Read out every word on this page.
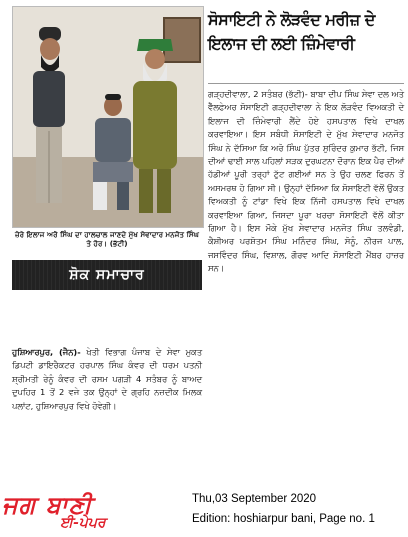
ਜ਼ੇਰੇ ਇਲਾਜ ਅਰੋ ਸਿੰਘ ਦਾ ਹਾਲਚਾਲ ਜਾਣਦੇ ਮੁੱਖ ਸੇਵਾਦਾਰ ਮਨਜੋਤ ਸਿੰਘ ਤੇ ਹੋਰ। (ਭੱਟੀ)
ਸੋਸਾਇਟੀ ਨੇ ਲੋੜਵੰਦ ਮਰੀਜ਼ ਦੇ ਇਲਾਜ ਦੀ ਲਈ ਜ਼ਿੰਮੇਵਾਰੀ

ਗੜ੍ਹਦੀਵਾਲਾ, 2 ਸਤੰਬਰ (ਭੱਟੀ)- ਬਾਬਾ ਦੀਪ ਸਿੰਘ ਸੇਵਾ ਦਲ ਅਤੇ ਵੈੱਲਫੇਅਰ ਸੋਸਾਇਟੀ ਗੜ੍ਹਦੀਵਾਲਾ ਨੇ ਇਕ ਲੋੜਵੰਦ ਵਿਅਕਤੀ ਦੇ ਇਲਾਜ ਦੀ ਜ਼ਿੰਮੇਵਾਰੀ ਲੈਂਦੇ ਹੋਏ ਹਸਪਤਾਲ ਵਿਖੇ ਦਾਖਲ ਕਰਵਾਇਆ। ਇਸ ਸਬੰਧੀ ਸੋਸਾਇਟੀ ਦੇ ਮੁੱਖ ਸੇਵਾਦਾਰ ਮਨਜੋਤ ਸਿੰਘ ਨੇ ਦੱਸਿਆ ਕਿ ਅਰੋ ਸਿੰਘ ਪੁੱਤਰ ਸੁਰਿੰਦਰ ਕੁਮਾਰ ਭੱਟੀ, ਜਿਸ ਦੀਆਂ ਢਾਈ ਸਾਲ ਪਹਿਲਾਂ ਸੜਕ ਦੁਰਘਟਨਾ ਦੌਰਾਨ ਇਕ ਪੈਰ ਦੀਆਂ ਹੱਡੀਆਂ ਪੂਰੀ ਤਰ੍ਹਾਂ ਟੁੱਟ ਗਈਆਂ ਸਨ ਤੇ ਉਹ ਚਲਣ ਫਿਰਨ ਤੋਂ ਅਸਮਰਥ ਹੋ ਗਿਆ ਸੀ। ਉਨ੍ਹਾਂ ਦੱਸਿਆ ਕਿ ਸੋਸਾਇਟੀ ਵੱਲੋਂ ਉਕਤ ਵਿਅਕਤੀ ਨੂੰ ਟਾਂਡਾ ਵਿਖੇ ਇਕ ਨਿੱਜੀ ਹਸਪਤਾਲ ਵਿਖੇ ਦਾਖਲ ਕਰਵਾਇਆ ਗਿਆ, ਜਿਸਦਾ ਪੂਰਾ ਖਰਚਾ ਸੋਸਾਇਟੀ ਵੱਲੋਂ ਕੀਤਾ ਗਿਆ ਹੈ। ਇਸ ਮੌਕੇ ਮੁੱਖ ਸੇਵਾਦਾਰ ਮਨਜੋਤ ਸਿੰਘ ਤਲਵੰਡੀ, ਕੈਸ਼ੀਅਰ ਪਰਸ਼ੋਤਮ ਸਿੰਘ ਮਨਿੰਦਰ ਸਿੰਘ, ਸੋਨੂੰ, ਨੀਰਜ ਪਾਲ, ਜਸਵਿੰਦਰ ਸਿੰਘ, ਵਿਸ਼ਾਲ, ਗੌਰਵ ਆਦਿ ਸੋਸਾਇਟੀ ਮੈਂਬਰ ਹਾਜ਼ਰ ਸਨ।

ਸ਼ੋਕ ਸਮਾਚਾਰ

ਹੁਸ਼ਿਆਰਪੁਰ, (ਜੈਨ)- ਖੇਤੀ ਵਿਭਾਗ ਪੰਜਾਬ ਦੇ ਸੇਵਾ ਮੁਕਤ ਡਿਪਟੀ ਡਾਇਰੈਕਟਰ ਹਰਪਾਲ ਸਿੰਘ ਕੰਵਰ ਦੀ ਧਰਮ ਪਤਨੀ ਸ਼੍ਰੀਮਤੀ ਰੇਨੂੰ ਕੰਵਰ ਦੀ ਰਸਮ ਪਗੜੀ 4 ਸਤੰਬਰ ਨੂੰ ਬਾਅਦ ਦੁਪਹਿਰ 1 ਤੋਂ 2 ਵਜੇ ਤਕ ਉਨ੍ਹਾਂ ਦੇ ਗ੍ਰਹਿ ਨਜ਼ਦੀਕ ਮਿਲਕ ਪਲਾਂਟ, ਹੁਸ਼ਿਆਰਪੁਰ ਵਿਖੇ ਹੋਵੇਗੀ।

ਜਗ ਬਾਣੀ
ਈ-ਪੇਪਰ
Thu,03 September 2020
Edition: hoshiarpur bani, Page no. 1
